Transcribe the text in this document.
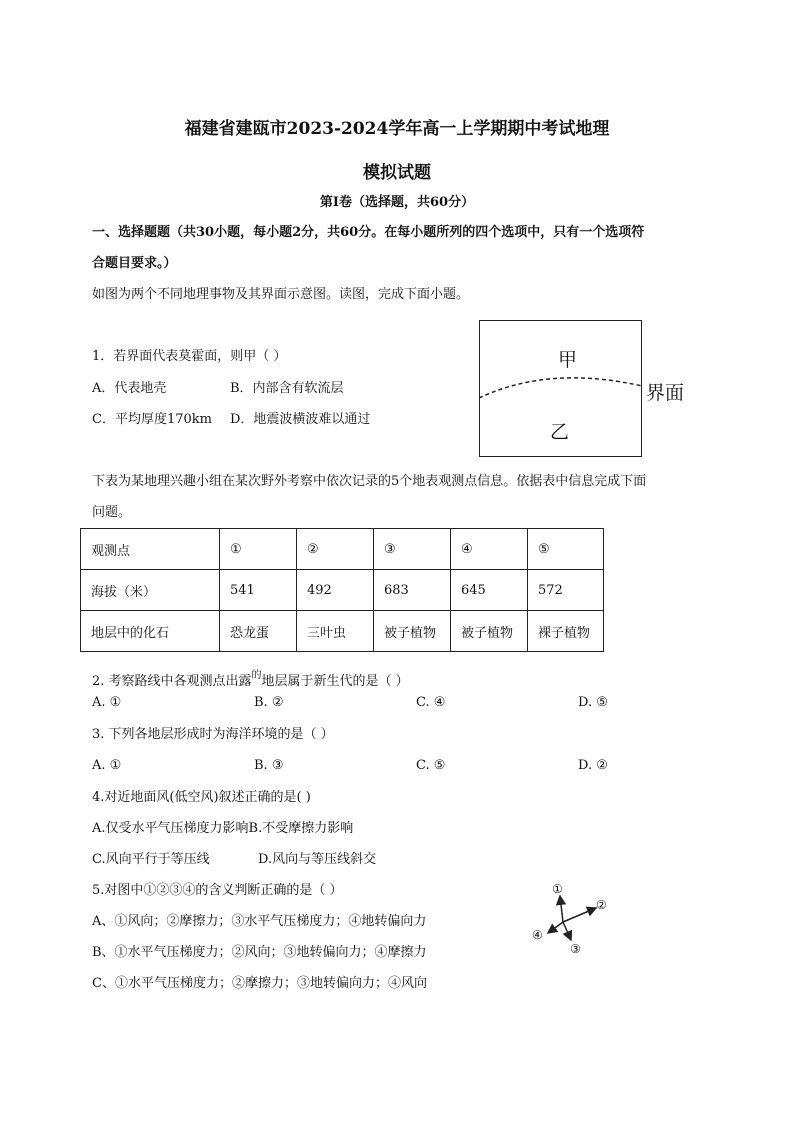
福建省建瓯市2023-2024学年高一上学期期中考试地理
模拟试题
第Ⅰ卷（选择题，共60分）
一、选择题题（共30小题，每小题2分，共60分。在每小题所列的四个选项中，只有一个选项符
合题目要求。）
如图为两个不同地理事物及其界面示意图。读图，完成下面小题。
1．若界面代表莫霍面，则甲（ ）
A．代表地壳	B．内部含有软流层
C．平均厚度170km D．地震波横波难以通过
甲
乙
界面
下表为某地理兴趣小组在某次野外考察中依次记录的5个地表观测点信息。依据表中信息完成下面
问题。
观测点	①	②	③	④	⑤
海拔（米）	541	492	683	645	572
地层中的化石	恐龙蛋	三叶虫	被子植物	被子植物	裸子植物
2. 考察路线中各观测点出露$^的$地层属于新生代的是（ ）
A. ①	B. ②	C. ④	D. ⑤
3. 下列各地层形成时为海洋环境的是（ ）
A. ①	B. ③	C. ⑤	D. ②
4.对近地面风(低空风)叙述正确的是( )
A.仅受水平气压梯度力影响B.不受摩擦力影响
C.风向平行于等压线	D.风向与等压线斜交
5.对图中①②③④的含义判断正确的是（ ）
A、①风向；②摩擦力；③水平气压梯度力；④地转偏向力
B、①水平气压梯度力；②风向；③地转偏向力；④摩擦力
C、①水平气压梯度力；②摩擦力；③地转偏向力；④风向
①
②
③
④
